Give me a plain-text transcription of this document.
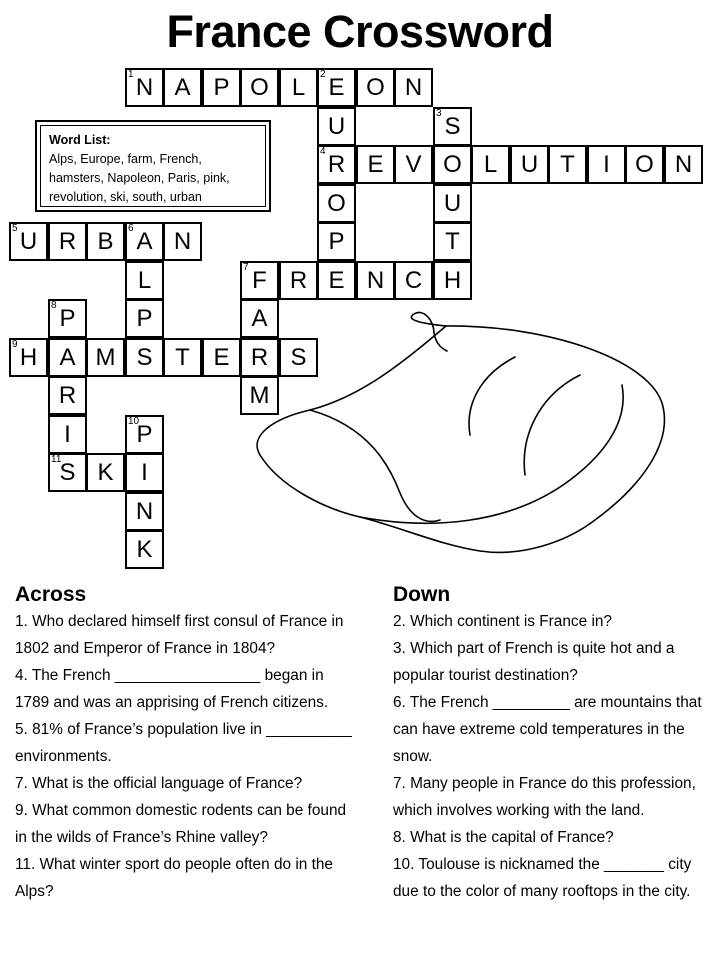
France Crossword
1 N A P O L	2 E O N
U
4 R
O
P
E
3 S
O
U
T
H
E V	L U T	I	O N
5 U R B	6 A N
L
P
S
7 F R	N C
A
R
M
8 P
A
R
I
11
S
9 H	M	T E	S
10
P
I
N
K
K
Word List:
Alps, Europe, farm, French, hamsters, Napoleon, Paris, pink, revolution, ski, south, urban
Across

1. Who declared himself first consul of France in 1802 and Emperor of France in 1804?

4. The French _________________ began in 1789 and was an apprising of French citizens.

5. 81% of France’s population live in __________ environments.

7. What is the official language of France?

9. What common domestic rodents can be found in the wilds of France’s Rhine valley?

11. What winter sport do people often do in the Alps?

Down

2. Which continent is France in?

3. Which part of French is quite hot and a popular tourist destination?

6. The French _________ are mountains that can have extreme cold temperatures in the snow.

7. Many people in France do this profession, which involves working with the land.

8. What is the capital of France?

10. Toulouse is nicknamed the _______ city due to the color of many rooftops in the city.
